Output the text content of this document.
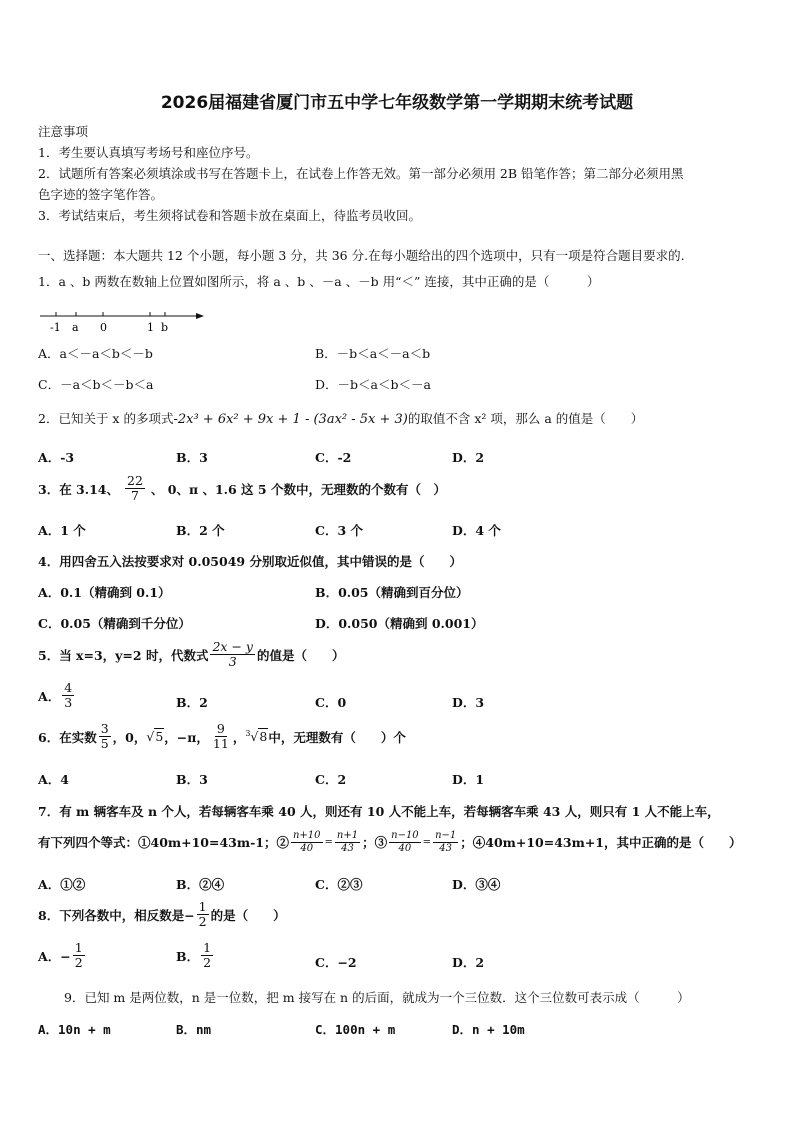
2026届福建省厦门市五中学七年级数学第一学期期末统考试题
注意事项
1．考生要认真填写考场号和座位序号。
2．试题所有答案必须填涂或书写在答题卡上，在试卷上作答无效。第一部分必须用 2B 铅笔作答；第二部分必须用黑
色字迹的签字笔作答。
3．考试结束后，考生须将试卷和答题卡放在桌面上，待监考员收回。
一、选择题：本大题共 12 个小题，每小题 3 分，共 36 分.在每小题给出的四个选项中，只有一项是符合题目要求的.
1．a 、b 两数在数轴上位置如图所示，将 a 、b 、－a 、－b 用“＜” 连接，其中正确的是（　　　）
-1 a 0	1 b
A．a＜－a＜b＜－b	B．－b＜a＜－a＜b
C．－a＜b＜－b＜a	D．－b＜a＜b＜－a
2．已知关于 x 的多项式-2x³ + 6x² + 9x + 1 - (3ax² - 5x + 3)的取值不含 x² 项，那么 a 的值是（　　）
A．-3	B．3	C．-2	D．2
3．在 3.14、 $\frac{22}{7}$ 、 0、π 、1.6 这 5 个数中，无理数的个数有（　）
A．1 个	B．2 个	C．3 个	D．4 个
4．用四舍五入法按要求对 0.05049 分别取近似值，其中错误的是（　　）
A．0.1（精确到 0.1）	B．0.05（精确到百分位）
C．0.05（精确到千分位）	D．0.050（精确到 0.001）
5．当 x=3，y=2 时，代数式 $\frac{2x - y}{3}$ 的值是（　　）
A． $\frac{4}{3}$	B．2	C．0	D．3
6．在实数 $\frac{3}{5}$ ，0， √5 ，−π， $\frac{9}{11}$ ， $^3$√8 中，无理数有（　　）个
A．4	B．3	C．2	D．1
7．有 m 辆客车及 n 个人，若每辆客车乘 40 人，则还有 10 人不能上车，若每辆客车乘 43 人，则只有 1 人不能上车，
有下列四个等式：①40m+10=43m-1；② $\frac{n+10}{40} = \frac{n+1}{43}$ ；③ $\frac{n-10}{40} = \frac{n-1}{43}$ ；④40m+10=43m+1，其中正确的是（　　）
A．①②	B．②④	C．②③	D．③④
8．下列各数中，相反数是− $\frac{1}{2}$ 的是（　　）
A．− $\frac{1}{2}$	B． $\frac{1}{2}$	C．−2	D．2
9．已知 m 是两位数，n 是一位数，把 m 接写在 n 的后面，就成为一个三位数．这个三位数可表示成（　　　）
A．10n + m	B．nm	C．100n + m	D．n + 10m
